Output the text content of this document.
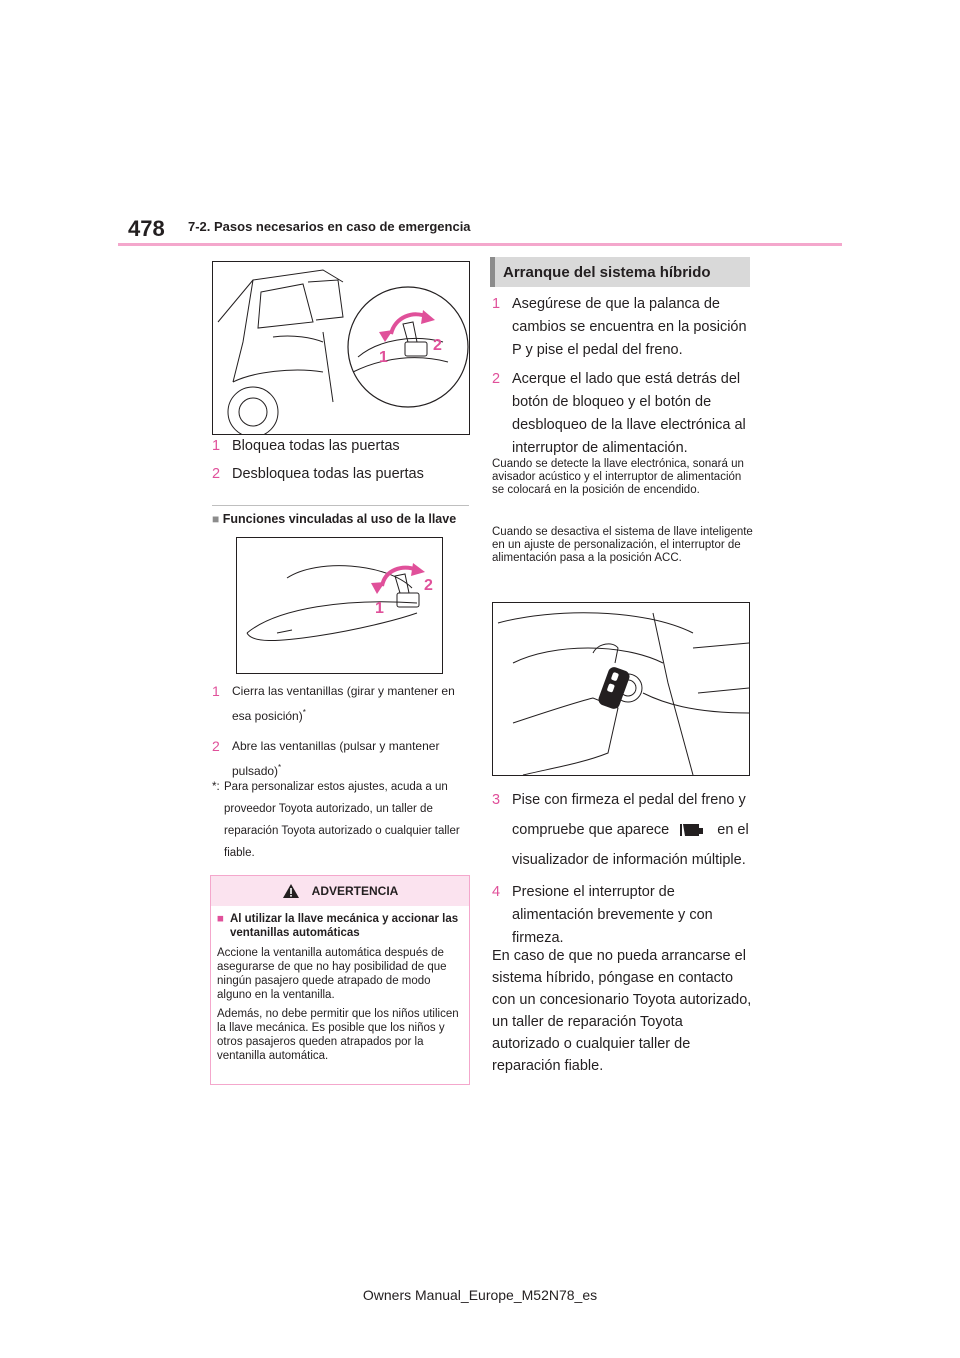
478 7-2. Pasos necesarios en caso de emergencia
1
2
1 Bloquea todas las puertas
2 Desbloquea todas las puertas
■ Funciones vinculadas al uso de la llave
1
2
1	Cierra las ventanillas (girar y mantener en esa posición)*
2	Abre las ventanillas (pulsar y mantener pulsado)*
*: Para personalizar estos ajustes, acuda a un proveedor Toyota autorizado, un taller de reparación Toyota autorizado o cualquier taller fiable.
ADVERTENCIA
■ Al utilizar la llave mecánica y accionar las ventanillas automáticas

Accione la ventanilla automática después de asegurarse de que no hay posibilidad de que ningún pasajero quede atrapado de modo alguno en la ventanilla.

Además, no debe permitir que los niños utilicen la llave mecánica. Es posible que los niños y otros pasajeros queden atrapados por la ventanilla automática.

Arranque del sistema híbrido
1 Asegúrese de que la palanca de cambios se encuentra en la posición P y pise el pedal del freno.
2 Acerque el lado que está detrás del botón de bloqueo y el botón de desbloqueo de la llave electrónica al interruptor de alimentación.
Cuando se detecte la llave electrónica, sonará un avisador acústico y el interruptor de alimentación se colocará en la posición de encendido.
Cuando se desactiva el sistema de llave inteligente en un ajuste de personalización, el interruptor de alimentación pasa a la posición ACC.
3 Pise con firmeza el pedal del freno y compruebe que aparece	en el visualizador de información múltiple.
4 Presione el interruptor de alimentación brevemente y con firmeza.
En caso de que no pueda arrancarse el sistema híbrido, póngase en contacto con un concesionario Toyota autorizado, un taller de reparación Toyota autorizado o cualquier taller de reparación fiable.
Owners Manual_Europe_M52N78_es
